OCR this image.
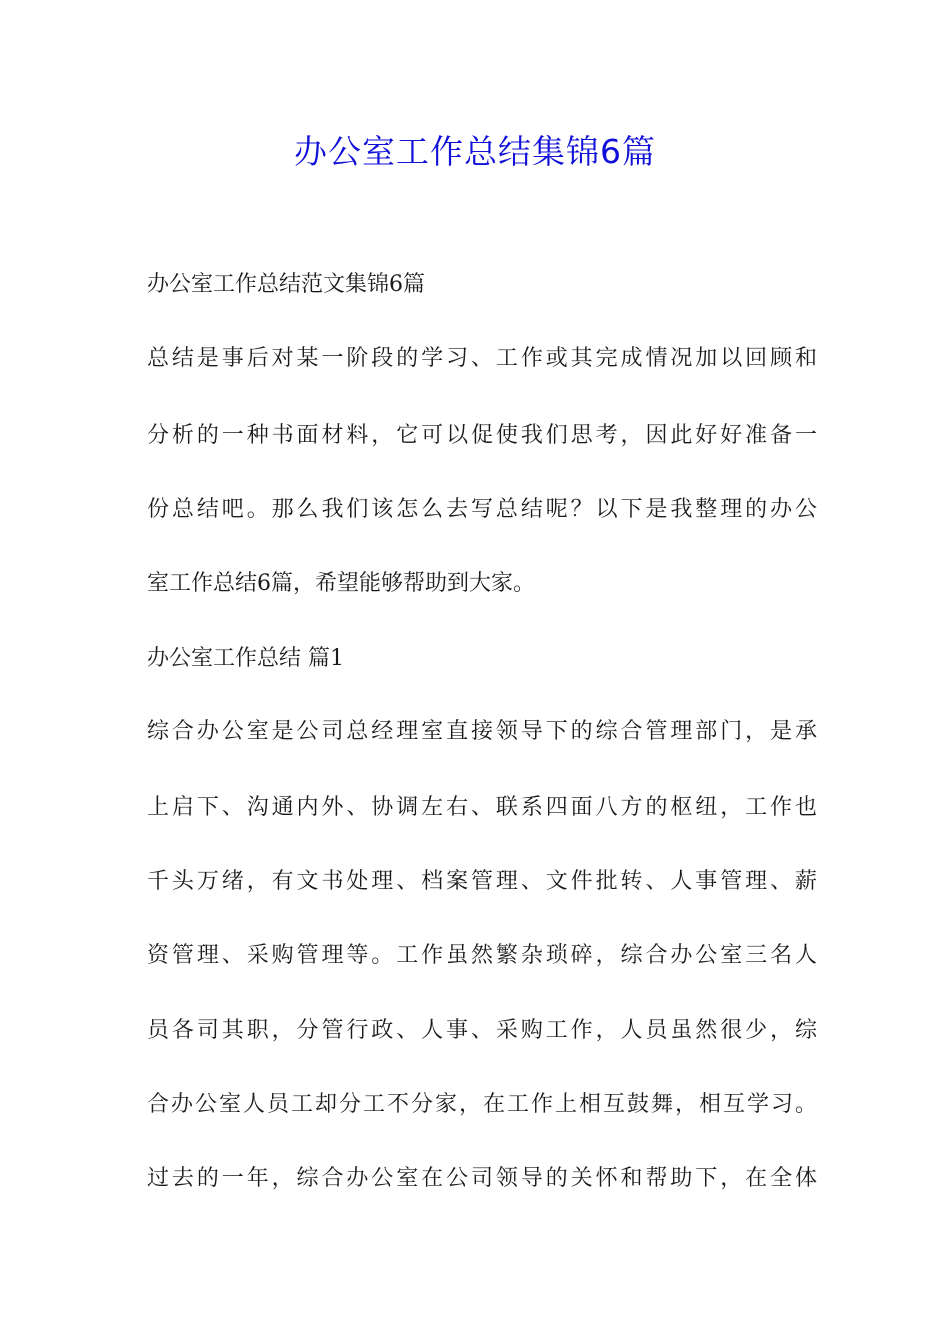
办公室工作总结集锦6篇

办公室工作总结范文集锦6篇

总结是事后对某一阶段的学习、工作或其完成情况加以回顾和

分析的一种书面材料，它可以促使我们思考，因此好好准备一

份总结吧。那么我们该怎么去写总结呢？以下是我整理的办公

室工作总结6篇，希望能够帮助到大家。

办公室工作总结 篇1

综合办公室是公司总经理室直接领导下的综合管理部门，是承

上启下、沟通内外、协调左右、联系四面八方的枢纽，工作也

千头万绪，有文书处理、档案管理、文件批转、人事管理、薪

资管理、采购管理等。工作虽然繁杂琐碎，综合办公室三名人

员各司其职，分管行政、人事、采购工作，人员虽然很少，综

合办公室人员工却分工不分家，在工作上相互鼓舞，相互学习。

过去的一年，综合办公室在公司领导的关怀和帮助下，在全体
